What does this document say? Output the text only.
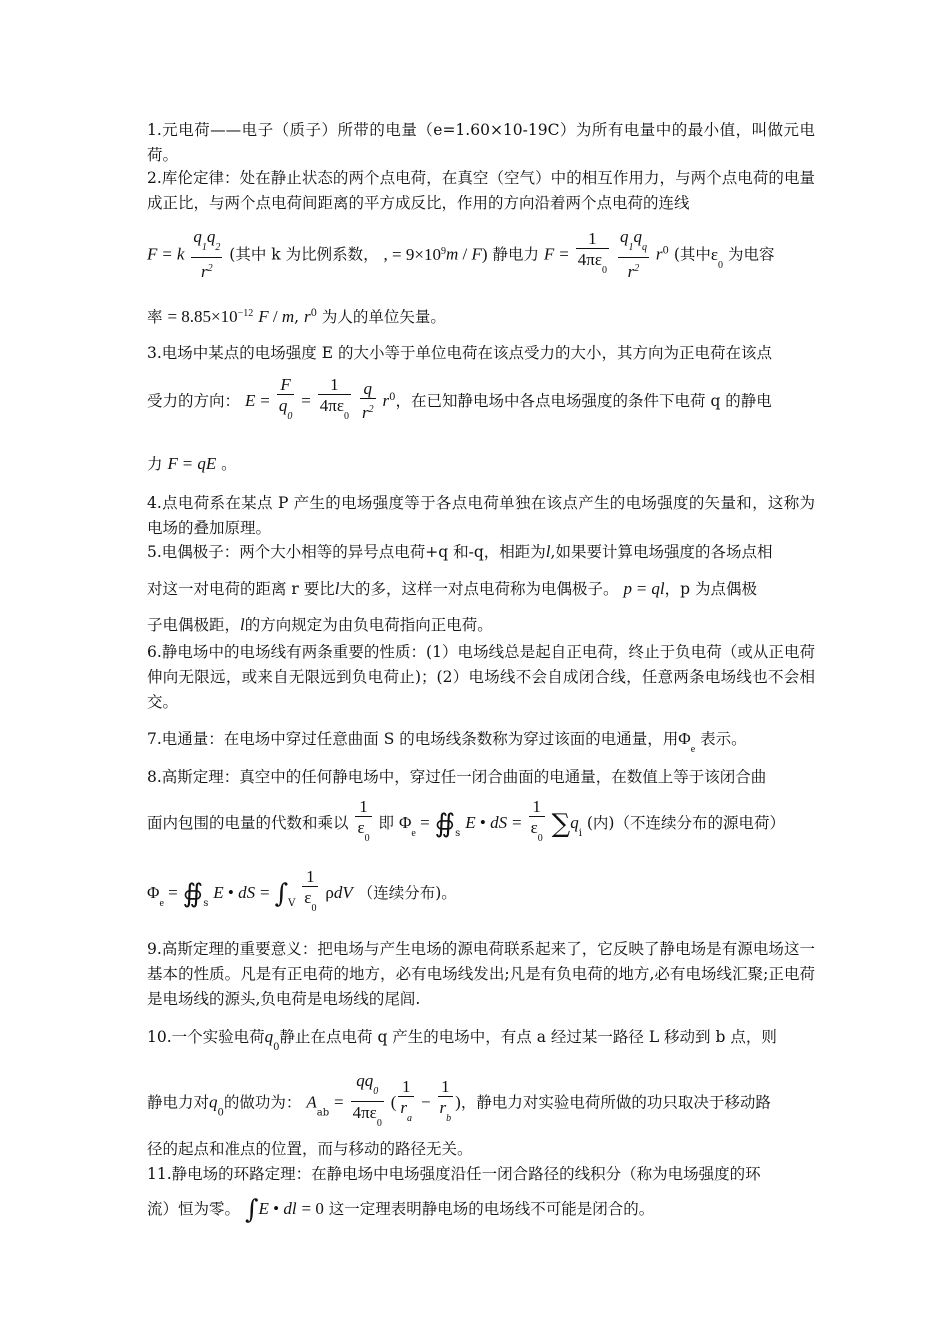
1.元电荷——电子（质子）所带的电量（e=1.60×10-19C）为所有电量中的最小值，叫做元电荷。
2.库伦定律：处在静止状态的两个点电荷，在真空（空气）中的相互作用力，与两个点电荷的电量成正比，与两个点电荷间距离的平方成反比，作用的方向沿着两个点电荷的连线
F = k $\frac{q_1q_2}{r^2}$ (其中 k 为比例系数， , = $9\times 10^9m / F$) 静电力 $F = \frac{1}{4\pi\varepsilon_0}$
$\frac{q_1q_q}{r^2} r^0$ (其中$\varepsilon_0$ 为电容
率 = $8.85\times 10^{-12}$ F / m, $r^0$ 为人的单位矢量。
3.电场中某点的电场强度 E 的大小等于单位电荷在该点受力的大小，其方向为正电荷在该点
受力的方向： $E = \frac{F}{q_0} = \frac{1}{4\pi\varepsilon_0}$
$\frac{q}{r^2} r^0$，在已知静电场中各点电场强度的条件下电荷 q 的静电
力 F = qE 。
4.点电荷系在某点 P 产生的电场强度等于各点电荷单独在该点产生的电场强度的矢量和，这称为电场的叠加原理。
5.电偶极子：两个大小相等的异号点电荷+q 和-q，相距为l,如果要计算电场强度的各场点相
对这一对电荷的距离 r 要比l大的多，这样一对点电荷称为电偶极子。 p = ql，p 为点偶极
子电偶极距，l的方向规定为由负电荷指向正电荷。
6.静电场中的电场线有两条重要的性质：(1）电场线总是起自正电荷，终止于负电荷（或从正电荷伸向无限远，或来自无限远到负电荷止)；(2）电场线不会自成闭合线，任意两条电场线也不会相交。
7.电通量：在电场中穿过任意曲面 S 的电场线条数称为穿过该面的电通量，用$\Phi_e$ 表示。
8.高斯定理：真空中的任何静电场中，穿过任一闭合曲面的电通量，在数值上等于该闭合曲
面内包围的电量的代数和乘以 $\frac{1}{\varepsilon_0}$ 即 $\Phi_e$ = $∯_s$ E • dS = $\frac{1}{\varepsilon_0} \sum q_i$ (内)（不连续分布的源电荷）
$\Phi_e$ = $∯_s$ E • dS = $\int_V \frac{1}{\varepsilon_0}$ ρdV （连续分布)。
9.高斯定理的重要意义：把电场与产生电场的源电荷联系起来了，它反映了静电场是有源电场这一基本的性质。凡是有正电荷的地方，必有电场线发出;凡是有负电荷的地方,必有电场线汇聚;正电荷是电场线的源头,负电荷是电场线的尾闾.
10.一个实验电荷$q_0$静止在点电荷 q 产生的电场中，有点 a 经过某一路径 L 移动到 b 点，则
静电力对$q_0$的做功为： $A_{ab} = \frac{qq_0}{4\pi\varepsilon_0}$ ( $\frac{1}{r_a} - \frac{1}{r_b}$ )，静电力对实验电荷所做的功只取决于移动路
径的起点和准点的位置，而与移动的路径无关。
11.静电场的环路定理：在静电场中电场强度沿任一闭合路径的线积分（称为电场强度的环
流）恒为零。 ∫E • dl = 0 这一定理表明静电场的电场线不可能是闭合的。
